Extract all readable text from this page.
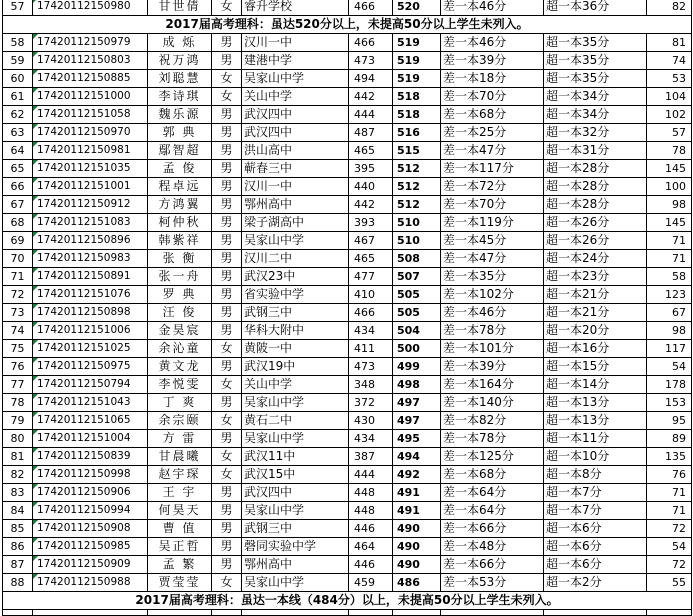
57	17420112150980	甘世倩	女	睿升学校	466	520	差一本46分	超一本36分	82
2017届高考理科：虽达520分以上，未提高50分以上学生未列入。									
58	17420112150979	成 烁	男	汉川一中	466	519	差一本46分	超一本35分	81
59	17420112150803	祝万鸿	男	建港中学	473	519	差一本39分	超一本35分	74
60	17420112150885	刘聪慧	女	吴家山中学	494	519	差一本18分	超一本35分	53
61	17420112151000	李诗琪	女	关山中学	442	518	差一本70分	超一本34分	104
62	17420112151058	魏乐源	男	武汉四中	444	518	差一本68分	超一本34分	102
63	17420112150970	郭 典	男	武汉四中	487	516	差一本25分	超一本32分	57
64	17420112150981	鄢智超	男	洪山高中	465	515	差一本47分	超一本31分	78
65	17420112151035	孟 俊	男	蕲春三中	395	512	差一本117分	超一本28分	145
66	17420112151001	程卓远	男	汉川一中	440	512	差一本72分	超一本28分	100
67	17420112150912	方鸿翼	男	鄂州高中	442	512	差一本70分	超一本28分	98
68	17420112151083	柯仲秋	男	梁子湖高中	393	510	差一本119分	超一本26分	145
69	17420112150896	韩紫祥	男	吴家山中学	467	510	差一本45分	超一本26分	71
70	17420112150983	张 衡	男	汉川二中	465	508	差一本47分	超一本24分	71
71	17420112150891	张一舟	男	武汉23中	477	507	差一本35分	超一本23分	58
72	17420112151076	罗 典	男	省实验中学	410	505	差一本102分	超一本21分	123
73	17420112150898	汪 俊	男	武钢三中	466	505	差一本46分	超一本21分	67
74	17420112151006	金昊宸	男	华科大附中	434	504	差一本78分	超一本20分	98
75	17420112151025	余沁童	女	黄陂一中	411	500	差一本101分	超一本16分	117
76	17420112150975	黄文龙	男	武汉19中	473	499	差一本39分	超一本15分	54
77	17420112150794	李悦雯	女	关山中学	348	498	差一本164分	超一本14分	178
78	17420112151043	丁 爽	男	吴家山中学	372	497	差一本140分	超一本13分	153
79	17420112151065	余宗颐	女	黄石二中	430	497	差一本82分	超一本13分	95
80	17420112151004	方 雷	男	吴家山中学	434	495	差一本78分	超一本11分	89
81	17420112150839	甘晨曦	女	武汉11中	387	494	差一本125分	超一本10分	135
82	17420112150998	赵宇琛	女	武汉15中	444	492	差一本68分	超一本8分	76
83	17420112150906	王 宇	男	武汉四中	448	491	差一本64分	超一本7分	71
84	17420112150994	何昊天	男	吴家山中学	448	491	差一本64分	超一本7分	71
85	17420112150908	曹 值	男	武钢三中	446	490	差一本66分	超一本6分	72
86	17420112150985	吴正哲	男	磬同实验中学	464	490	差一本48分	超一本6分	54
87	17420112150909	孟 繁	男	鄂州高中	446	490	差一本66分	超一本6分	72
88	17420112150988	贾莹莹	女	吴家山中学	459	486	差一本53分	超一本2分	55
2017届高考理科：虽达一本线（484分）以上，未提高50分以上学生未列入。									
